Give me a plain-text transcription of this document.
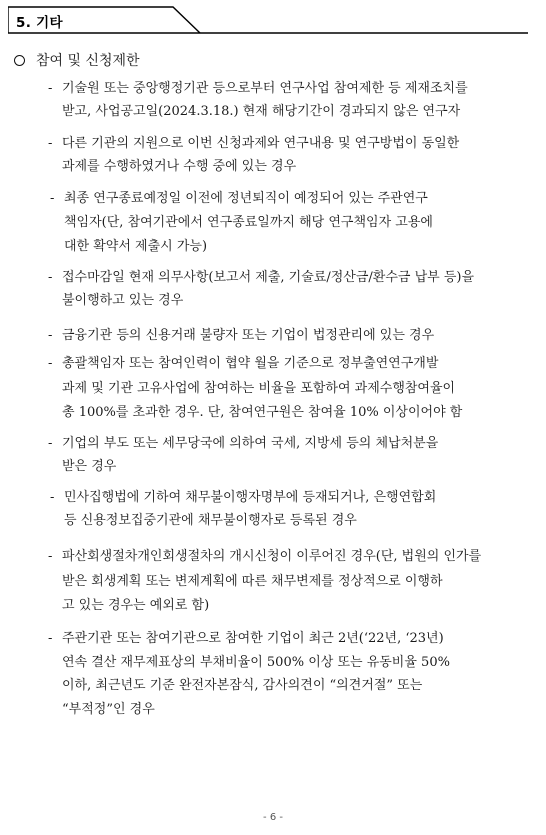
5. 기타
참여 및 신청제한
- 기술원 또는 중앙행정기관 등으로부터 연구사업 참여제한 등 제재조치를
받고, 사업공고일(2024.3.18.) 현재 해당기간이 경과되지 않은 연구자
- 다른 기관의 지원으로 이번 신청과제와 연구내용 및 연구방법이 동일한
과제를 수행하였거나 수행 중에 있는 경우
- 최종 연구종료예정일 이전에 정년퇴직이 예정되어 있는 주관연구
책임자(단, 참여기관에서 연구종료일까지 해당 연구책임자 고용에
대한 확약서 제출시 가능)
- 접수마감일 현재 의무사항(보고서 제출, 기술료/정산금/환수금 납부 등)을
불이행하고 있는 경우
- 금융기관 등의 신용거래 불량자 또는 기업이 법정관리에 있는 경우
- 총괄책임자 또는 참여인력이 협약 월을 기준으로 정부출연연구개발
과제 및 기관 고유사업에 참여하는 비율을 포함하여 과제수행참여율이
총 100%를 초과한 경우. 단, 참여연구원은 참여율 10% 이상이어야 함
- 기업의 부도 또는 세무당국에 의하여 국세, 지방세 등의 체납처분을
받은 경우
- 민사집행법에 기하여 채무불이행자명부에 등재되거나, 은행연합회
등 신용정보집중기관에 채무불이행자로 등록된 경우
- 파산회생절차개인회생절차의 개시신청이 이루어진 경우(단, 법원의 인가를
받은 회생계획 또는 변제계획에 따른 채무변제를 정상적으로 이행하
고 있는 경우는 예외로 함)
- 주관기관 또는 참여기관으로 참여한 기업이 최근 2년(‘22년, ‘23년)
연속 결산 재무제표상의 부채비율이 500% 이상 또는 유동비율 50%
이하, 최근년도 기준 완전자본잠식, 감사의견이 “의견거절” 또는
“부적정”인 경우
- 6 -
